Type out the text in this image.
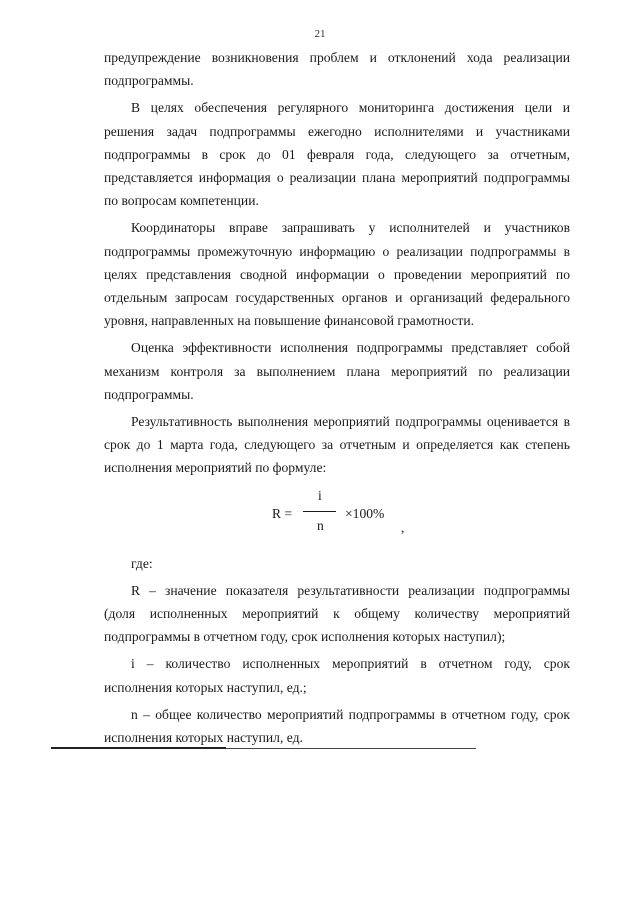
21

предупреждение возникновения проблем и отклонений хода реализации подпрограммы.

В целях обеспечения регулярного мониторинга достижения цели и решения задач подпрограммы ежегодно исполнителями и участниками подпрограммы в срок до 01 февраля года, следующего за отчетным, представляется информация о реализации плана мероприятий подпрограммы по вопросам компетенции.

Координаторы вправе запрашивать у исполнителей и участников подпрограммы промежуточную информацию о реализации подпрограммы в целях представления сводной информации о проведении мероприятий по отдельным запросам государственных органов и организаций федерального уровня, направленных на повышение финансовой грамотности.

Оценка эффективности исполнения подпрограммы представляет собой механизм контроля за выполнением плана мероприятий по реализации подпрограммы.

Результативность выполнения мероприятий подпрограммы оценивается в срок до 1 марта года, следующего за отчетным и определяется как степень исполнения мероприятий по формуле:

R =
i
n
×100%
,

где:

R – значение показателя результативности реализации подпрограммы (доля исполненных мероприятий к общему количеству мероприятий подпрограммы в отчетном году, срок исполнения которых наступил);

i – количество исполненных мероприятий в отчетном году, срок исполнения которых наступил, ед.;

n – общее количество мероприятий подпрограммы в отчетном году, срок исполнения которых наступил, ед.
